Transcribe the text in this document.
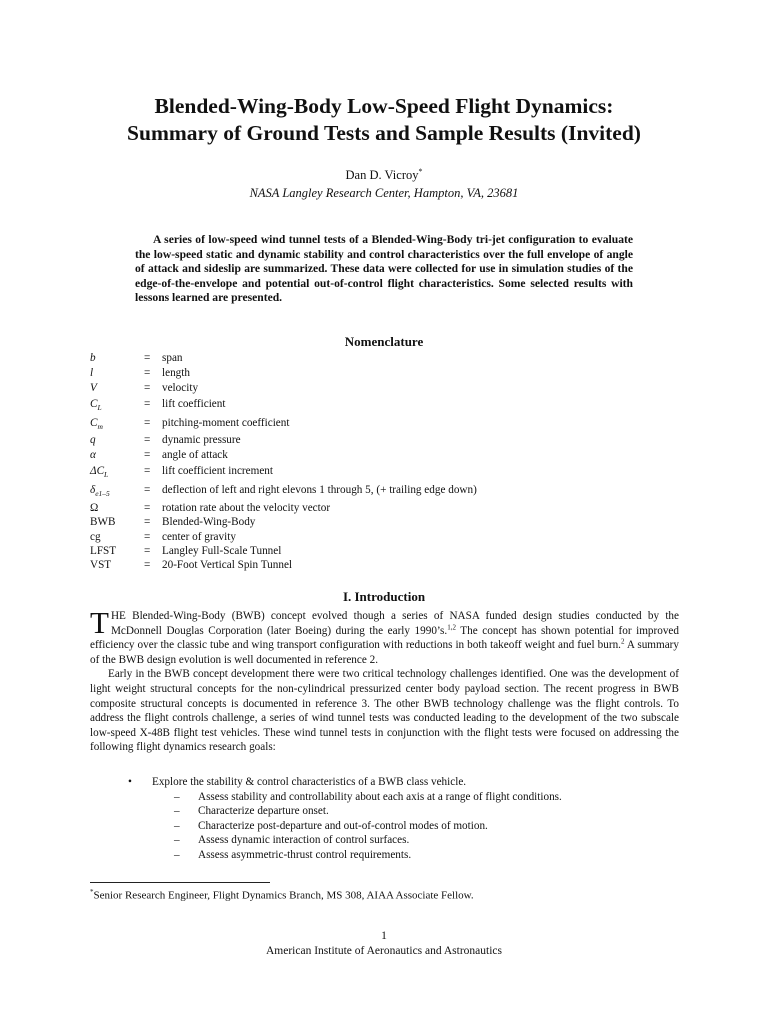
Blended-Wing-Body Low-Speed Flight Dynamics:
Summary of Ground Tests and Sample Results (Invited)
Dan D. Vicroy*
NASA Langley Research Center, Hampton, VA, 23681

A series of low-speed wind tunnel tests of a Blended-Wing-Body tri-jet configuration to evaluate the low-speed static and dynamic stability and control characteristics over the full envelope of angle of attack and sideslip are summarized. These data were collected for use in simulation studies of the edge-of-the-envelope and potential out-of-control flight characteristics. Some selected results with lessons learned are presented.

Nomenclature
b	= span
l	= length
V	= velocity
$C_L$	= lift coefficient
$C_m$	= pitching-moment coefficient
q	= dynamic pressure
α	= angle of attack
$\Delta C_L$	= lift coefficient increment
$\delta_{e1-5}$	= deflection of left and right elevons 1 through 5, (+ trailing edge down)
Ω	= rotation rate about the velocity vector
BWB	= Blended-Wing-Body
cg	= center of gravity
LFST	= Langley Full-Scale Tunnel
VST	= 20-Foot Vertical Spin Tunnel
I. Introduction

THE Blended-Wing-Body (BWB) concept evolved though a series of NASA funded design studies conducted by the McDonnell Douglas Corporation (later Boeing) during the early 1990’s.$^{1,2}$ The concept has shown potential for improved efficiency over the classic tube and wing transport configuration with reductions in both takeoff weight and fuel burn.$^2$ A summary of the BWB design evolution is well documented in reference 2.

Early in the BWB concept development there were two critical technology challenges identified. One was the development of light weight structural concepts for the non-cylindrical pressurized center body payload section. The recent progress in BWB composite structural concepts is documented in reference 3. The other BWB technology challenge was the flight controls. To address the flight controls challenge, a series of wind tunnel tests was conducted leading to the development of the two subscale low-speed X-48B flight test vehicles. These wind tunnel tests in conjunction with the flight tests were focused on addressing the following flight dynamics research goals:

• Explore the stability & control characteristics of a BWB class vehicle.
– Assess stability and controllability about each axis at a range of flight conditions.
– Characterize departure onset.
– Characterize post-departure and out-of-control modes of motion.
– Assess dynamic interaction of control surfaces.
– Assess asymmetric-thrust control requirements.
*Senior Research Engineer, Flight Dynamics Branch, MS 308, AIAA Associate Fellow.
1
American Institute of Aeronautics and Astronautics
